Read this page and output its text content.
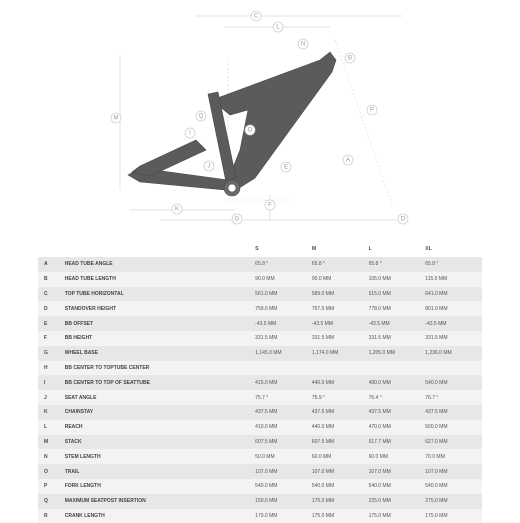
C
L
N
B
P
M	Q
I	O
A
E
J
F
K
G	D
		S	M	L	XL
A	HEAD TUBE ANGLE	65.8 °	65.8 °	65.8 °	65.8 °
B	HEAD TUBE LENGTH	90.0 MM	90.0 MM	105.0 MM	115.0 MM
C	TOP TUBE HORIZONTAL	561.0 MM	589.0 MM	615.0 MM	641.0 MM
D	STANDOVER HEIGHT	759.0 MM	767.0 MM	778.0 MM	801.0 MM
E	BB OFFSET	-43.5 MM	-43.5 MM	-43.5 MM	-43.5 MM
F	BB HEIGHT	331.5 MM	331.5 MM	331.5 MM	331.5 MM
G	WHEEL BASE	1,145.0 MM	1,174.0 MM	1,205.0 MM	1,236.0 MM
H	BB CENTER TO TOPTUBE CENTER				
I	BB CENTER TO TOP OF SEATTUBE	415.0 MM	440.0 MM	490.0 MM	540.0 MM
J	SEAT ANGLE	75.7 °	75.9 °	76.4 °	76.7 °
K	CHAINSTAY	437.5 MM	437.5 MM	437.5 MM	437.5 MM
L	REACH	410.0 MM	440.0 MM	470.0 MM	500.0 MM
M	STACK	607.5 MM	607.5 MM	617.7 MM	627.0 MM
N	STEM LENGTH	50.0 MM	60.0 MM	60.0 MM	70.0 MM
O	TRAIL	107.0 MM	107.0 MM	107.0 MM	107.0 MM
P	FORK LENGTH	540.0 MM	540.0 MM	540.0 MM	540.0 MM
Q	MAXIMUM SEATPOST INSERTION	150.0 MM	175.0 MM	225.0 MM	275.0 MM
R	CRANK LENGTH	170.0 MM	175.0 MM	175.0 MM	175.0 MM
